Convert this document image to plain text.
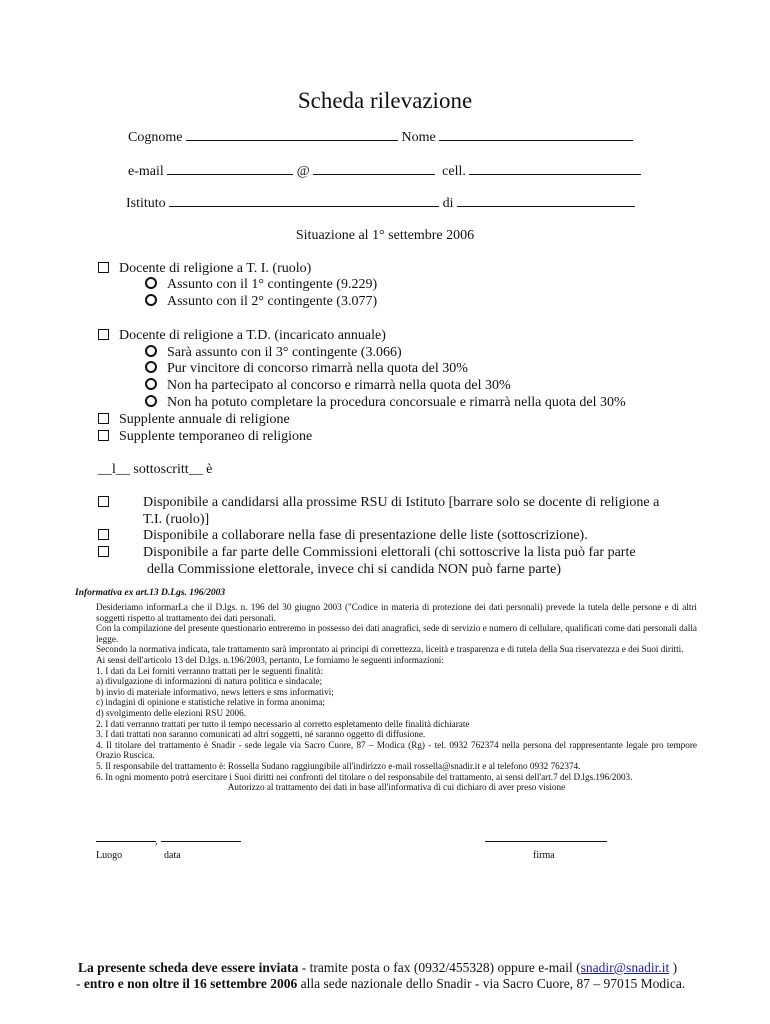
Scheda rilevazione
Cognome	Nome
e-mail	@	cell.
Istituto	di
Situazione al 1° settembre 2006
Docente di religione a T. I. (ruolo)
Assunto con il 1° contingente (9.229)
Assunto con il 2° contingente (3.077)
Docente di religione a T.D. (incaricato annuale)
Sarà assunto con il 3° contingente (3.066)
Pur vincitore di concorso rimarrà nella quota del 30%
Non ha partecipato al concorso e rimarrà nella quota del 30%
Non ha potuto completare la procedura concorsuale e rimarrà nella quota del 30%
Supplente annuale di religione
Supplente temporaneo di religione
__l__ sottoscritt__ è
Disponibile a candidarsi alla prossime RSU di Istituto [barrare solo se docente di religione a
T.I. (ruolo)]
Disponibile a collaborare nella fase di presentazione delle liste (sottoscrizione).
Disponibile a far parte delle Commissioni elettorali (chi sottoscrive la lista può far parte
della Commissione elettorale, invece chi si candida NON può farne parte)
Informativa ex art.13 D.Lgs. 196/2003

Desideriamo informarLa che il D.lgs. n. 196 del 30 giugno 2003 ("Codice in materia di protezione dei dati personali) prevede la tutela delle persone e di altri soggetti rispetto al trattamento dei dati personali.

Con la compilazione del presente questionario entreremo in possesso dei dati anagrafici, sede di servizio e numero di cellulare, qualificati come dati personali dalla legge.

Secondo la normativa indicata, tale trattamento sarà improntato ai principi di correttezza, liceità e trasparenza e di tutela della Sua riservatezza e dei Suoi diritti.

Ai sensi dell'articolo 13 del D.lgs. n.196/2003, pertanto, Le forniamo le seguenti informazioni:

1. I dati da Lei forniti verranno trattati per le seguenti finalità:

a) divulgazione di informazioni di natura politica e sindacale;

b) invio di materiale informativo, news letters e sms informativi;

c) indagini di opinione e statistiche relative in forma anonima;

d) svolgimento delle elezioni RSU 2006.

2. I dati verranno trattati per tutto il tempo necessario al corretto espletamento delle finalità dichiarate

3. I dati trattati non saranno comunicati ad altri soggetti, né saranno oggetto di diffusione.

4. Il titolare del trattamento è Snadir - sede legale via Sacro Cuore, 87 – Modica (Rg) - tel. 0932 762374 nella persona del rappresentante legale pro tempore Orazio Ruscica.

5. Il responsabile del trattamento è: Rossella Sudano raggiungibile all'indirizzo e-mail rossella@snadir.it e al telefono 0932 762374.

6. In ogni momento potrà esercitare i Suoi diritti nei confronti del titolare o del responsabile del trattamento, ai sensi dell'art.7 del D.lgs.196/2003.

Autorizzo al trattamento dei dati in base all'informativa di cui dichiaro di aver preso visione

,
Luogo	data	firma
La presente scheda deve essere inviata - tramite posta o fax (0932/455328) oppure e-mail (snadir@snadir.it )
- entro e non oltre il 16 settembre 2006 alla sede nazionale dello Snadir - via Sacro Cuore, 87 – 97015 Modica.
